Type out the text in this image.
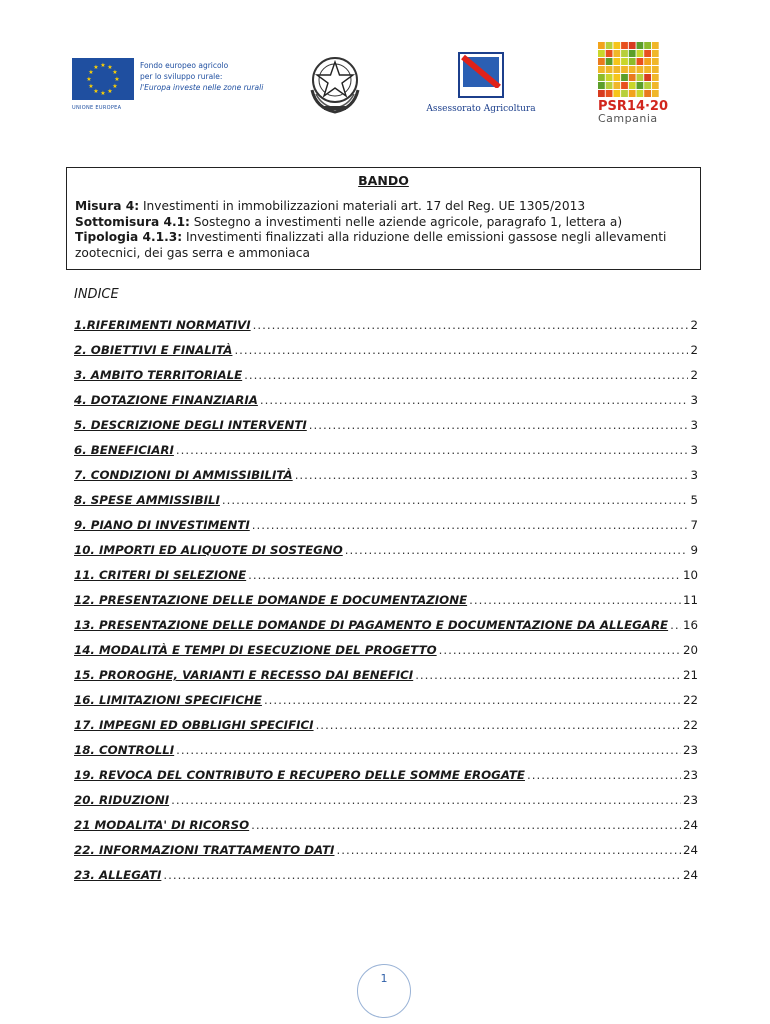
★ ★
★
★
★
★
★
★
★
★
★
★
UNIONE EUROPEA
Fondo europeo agricolo
per lo sviluppo rurale:
l'Europa investe nelle zone rurali
Assessorato Agricoltura	PSR14·20
Campania
BANDO
Misura 4: Investimenti in immobilizzazioni materiali art. 17 del Reg. UE 1305/2013
Sottomisura 4.1: Sostegno a investimenti nelle aziende agricole, paragrafo 1, lettera a)
Tipologia 4.1.3: Investimenti finalizzati alla riduzione delle emissioni gassose negli allevamenti zootecnici, dei gas serra e ammoniaca
INDICE
1.RIFERIMENTI NORMATIVI .....	2
2. OBIETTIVI E FINALITÀ .....	2
3. AMBITO TERRITORIALE .....	2
4. DOTAZIONE FINANZIARIA .....	3
5. DESCRIZIONE DEGLI INTERVENTI .....	3
6. BENEFICIARI .....	3
7. CONDIZIONI DI AMMISSIBILITÀ .....	3
8. SPESE AMMISSIBILI .....	5
9. PIANO DI INVESTIMENTI .....	7
10. IMPORTI ED ALIQUOTE DI SOSTEGNO .....	9
11. CRITERI DI SELEZIONE .....	10
12. PRESENTAZIONE DELLE DOMANDE E DOCUMENTAZIONE .....	11
13. PRESENTAZIONE DELLE DOMANDE DI PAGAMENTO E DOCUMENTAZIONE DA ALLEGARE ..... 16
14. MODALITÀ E TEMPI DI ESECUZIONE DEL PROGETTO .....	20
15. PROROGHE, VARIANTI E RECESSO DAI BENEFICI .....	21
16. LIMITAZIONI SPECIFICHE .....	22
17. IMPEGNI ED OBBLIGHI SPECIFICI .....	22
18. CONTROLLI .....	23
19. REVOCA DEL CONTRIBUTO E RECUPERO DELLE SOMME EROGATE .....	23
20. RIDUZIONI .....	23
21 MODALITA' DI RICORSO .....	24
22. INFORMAZIONI TRATTAMENTO DATI .....	24
23. ALLEGATI .....	24
1
